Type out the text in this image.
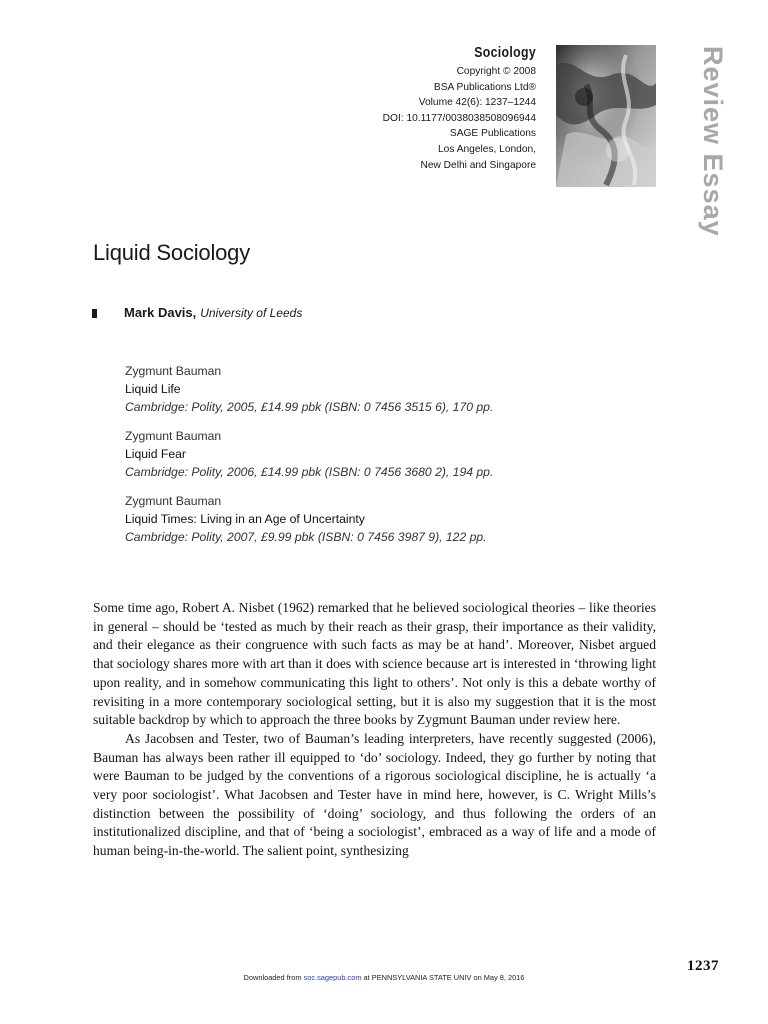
Sociology
Copyright © 2008
BSA Publications Ltd®
Volume 42(6): 1237–1244
DOI: 10.1177/0038038508096944
SAGE Publications
Los Angeles, London,
New Delhi and Singapore	Review Essay
Liquid Sociology
Mark Davis, University of Leeds
Zygmunt Bauman
Liquid Life
Cambridge: Polity, 2005, £14.99 pbk (ISBN: 0 7456 3515 6), 170 pp.
Zygmunt Bauman
Liquid Fear
Cambridge: Polity, 2006, £14.99 pbk (ISBN: 0 7456 3680 2), 194 pp.
Zygmunt Bauman
Liquid Times: Living in an Age of Uncertainty
Cambridge: Polity, 2007, £9.99 pbk (ISBN: 0 7456 3987 9), 122 pp.

Some time ago, Robert A. Nisbet (1962) remarked that he believed sociological theories – like theories in general – should be ‘tested as much by their reach as their grasp, their importance as their validity, and their elegance as their congruence with such facts as may be at hand’. Moreover, Nisbet argued that sociology shares more with art than it does with science because art is interested in ‘throwing light upon reality, and in somehow communicating this light to others’. Not only is this a debate worthy of revisiting in a more contemporary sociological setting, but it is also my suggestion that it is the most suitable backdrop by which to approach the three books by Zygmunt Bauman under review here.

As Jacobsen and Tester, two of Bauman’s leading interpreters, have recently suggested (2006), Bauman has always been rather ill equipped to ‘do’ sociology. Indeed, they go further by noting that were Bauman to be judged by the conventions of a rigorous sociological discipline, he is actually ‘a very poor sociologist’. What Jacobsen and Tester have in mind here, however, is C. Wright Mills’s distinction between the possibility of ‘doing’ sociology, and thus following the orders of an institutionalized discipline, and that of ‘being a sociologist’, embraced as a way of life and a mode of human being-in-the-world. The salient point, synthesizing

1237
Downloaded from soc.sagepub.com at PENNSYLVANIA STATE UNIV on May 8, 2016
